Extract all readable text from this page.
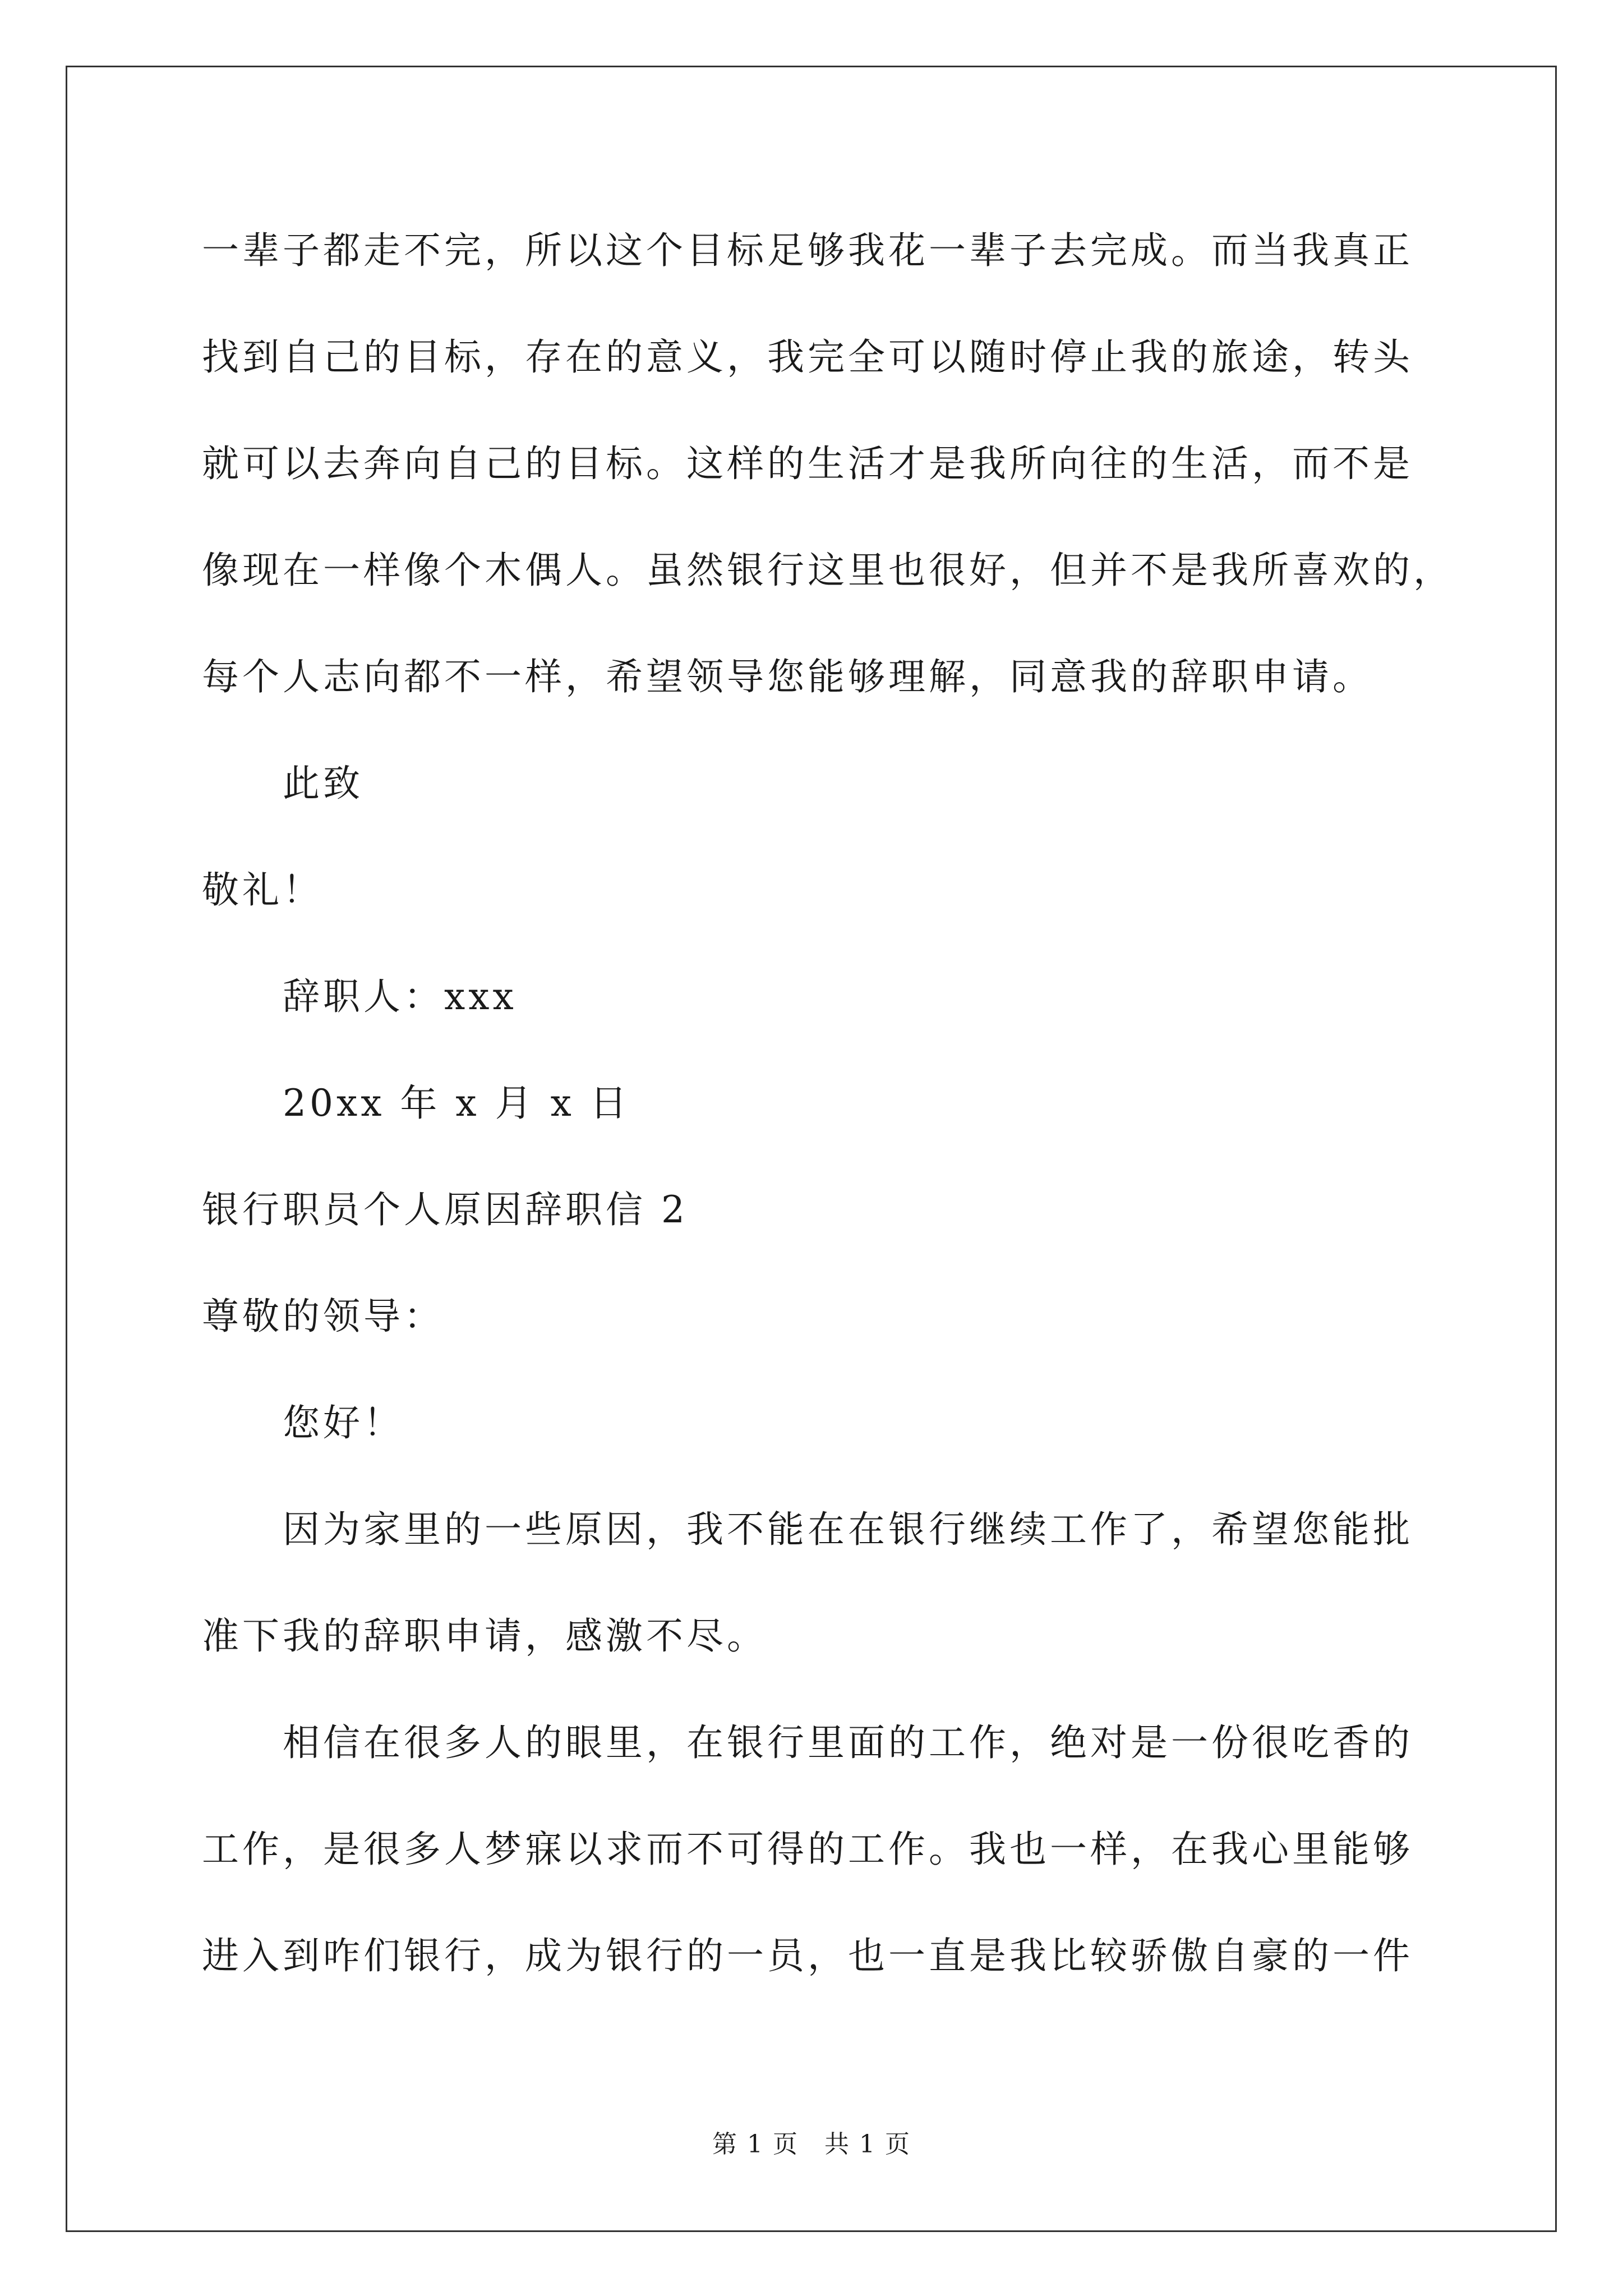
一辈子都走不完，所以这个目标足够我花一辈子去完成。而当我真正
找到自己的目标，存在的意义，我完全可以随时停止我的旅途，转头
就可以去奔向自己的目标。这样的生活才是我所向往的生活，而不是
像现在一样像个木偶人。虽然银行这里也很好，但并不是我所喜欢的，
每个人志向都不一样，希望领导您能够理解，同意我的辞职申请。
此致
敬礼！
辞职人：xxx
20xx 年 x 月 x 日
银行职员个人原因辞职信 2
尊敬的领导：
您好！
因为家里的一些原因，我不能在在银行继续工作了，希望您能批
准下我的辞职申请，感激不尽。
相信在很多人的眼里，在银行里面的工作，绝对是一份很吃香的
工作，是很多人梦寐以求而不可得的工作。我也一样，在我心里能够
进入到咋们银行，成为银行的一员，也一直是我比较骄傲自豪的一件
第 1 页　共 1 页
